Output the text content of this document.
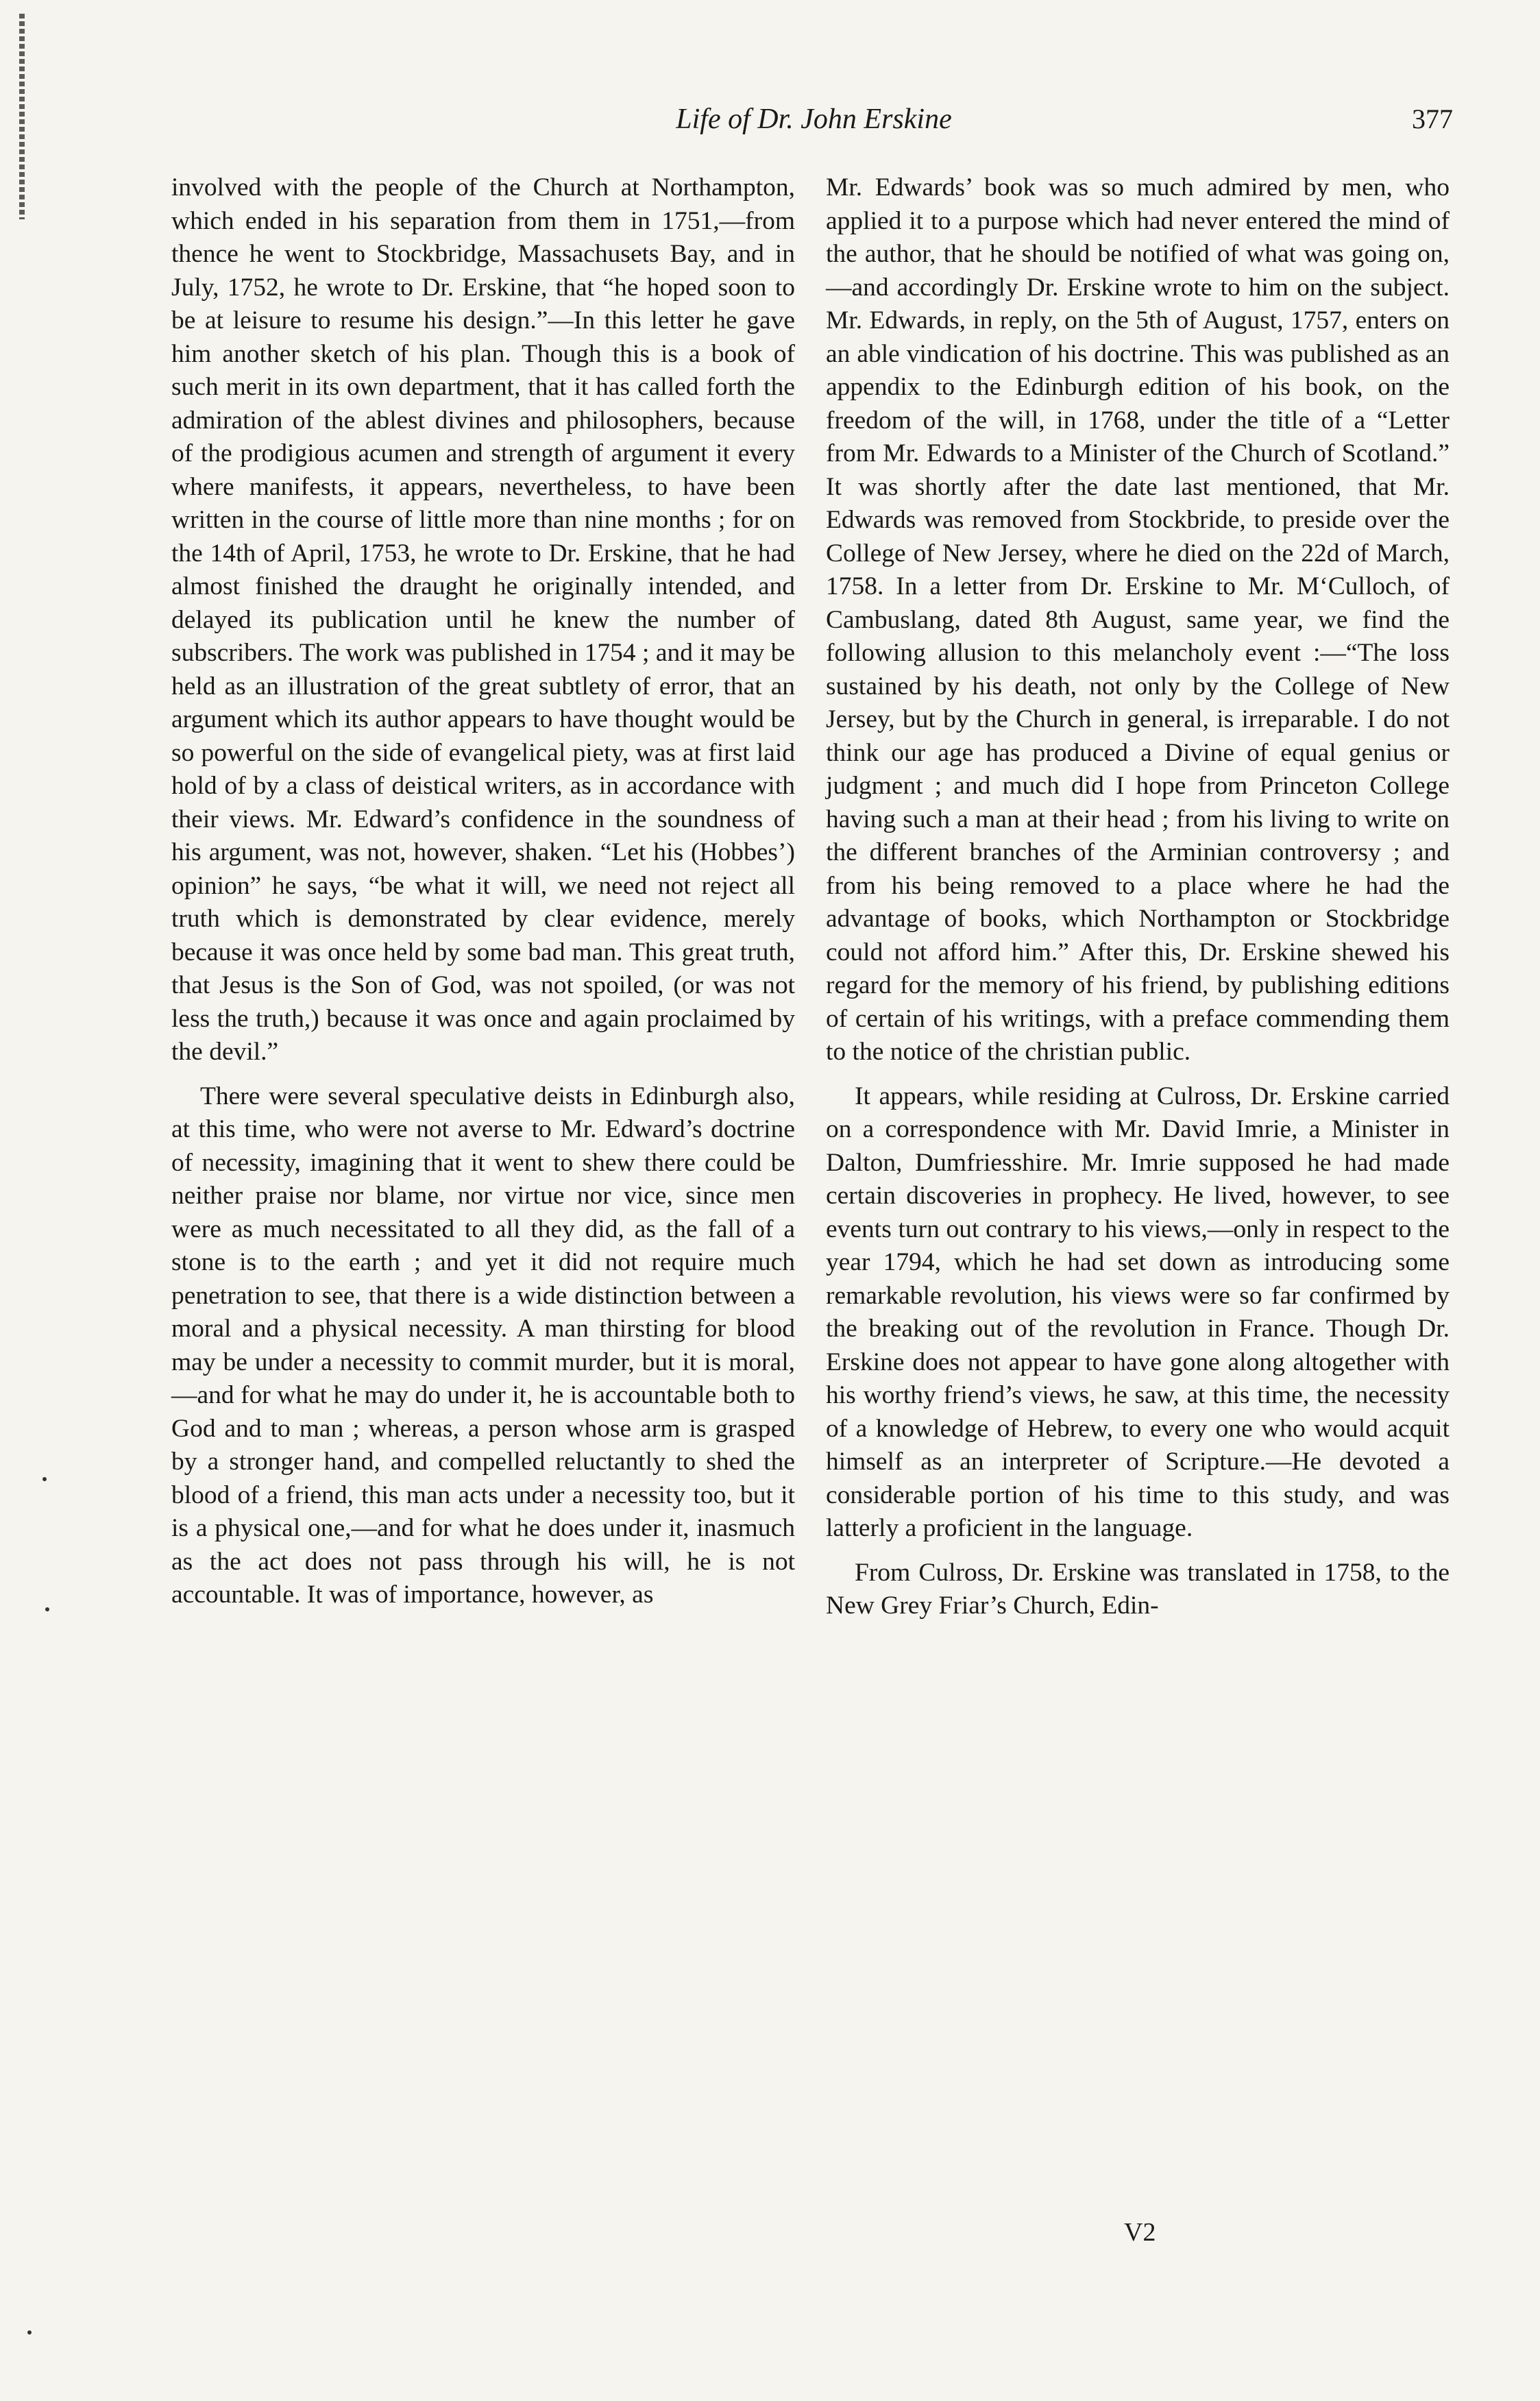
Life of Dr. John Erskine	377

involved with the people of the Church at Northampton, which ended in his separation from them in 1751,—from thence he went to Stockbridge, Massachusets Bay, and in July, 1752, he wrote to Dr. Erskine, that “he hoped soon to be at leisure to resume his design.”—In this letter he gave him another sketch of his plan. Though this is a book of such merit in its own department, that it has called forth the admiration of the ablest divines and philosophers, because of the prodigious acumen and strength of argument it every where manifests, it appears, nevertheless, to have been written in the course of little more than nine months ; for on the 14th of April, 1753, he wrote to Dr. Erskine, that he had almost finished the draught he originally intended, and delayed its publication until he knew the number of subscribers. The work was published in 1754 ; and it may be held as an illustration of the great subtlety of error, that an argument which its author appears to have thought would be so powerful on the side of evangelical piety, was at first laid hold of by a class of deistical writers, as in accordance with their views. Mr. Edward’s confidence in the soundness of his argument, was not, however, shaken. “Let his (Hobbes’) opinion” he says, “be what it will, we need not reject all truth which is demonstrated by clear evidence, merely because it was once held by some bad man. This great truth, that Jesus is the Son of God, was not spoiled, (or was not less the truth,) because it was once and again proclaimed by the devil.”

There were several speculative deists in Edinburgh also, at this time, who were not averse to Mr. Edward’s doctrine of necessity, imagining that it went to shew there could be neither praise nor blame, nor virtue nor vice, since men were as much necessitated to all they did, as the fall of a stone is to the earth ; and yet it did not require much penetration to see, that there is a wide distinction between a moral and a physical necessity. A man thirsting for blood may be under a necessity to commit murder, but it is moral,—and for what he may do under it, he is accountable both to God and to man ; whereas, a person whose arm is grasped by a stronger hand, and compelled reluctantly to shed the blood of a friend, this man acts under a necessity too, but it is a physical one,—and for what he does under it, inasmuch as the act does not pass through his will, he is not accountable. It was of importance, however, as

Mr. Edwards’ book was so much admired by men, who applied it to a purpose which had never entered the mind of the author, that he should be notified of what was going on,—and accordingly Dr. Erskine wrote to him on the subject. Mr. Edwards, in reply, on the 5th of August, 1757, enters on an able vindication of his doctrine. This was published as an appendix to the Edinburgh edition of his book, on the freedom of the will, in 1768, under the title of a “Letter from Mr. Edwards to a Minister of the Church of Scotland.” It was shortly after the date last mentioned, that Mr. Edwards was removed from Stockbride, to preside over the College of New Jersey, where he died on the 22d of March, 1758. In a letter from Dr. Erskine to Mr. M‘Culloch, of Cambuslang, dated 8th August, same year, we find the following allusion to this melancholy event :—“The loss sustained by his death, not only by the College of New Jersey, but by the Church in general, is irreparable. I do not think our age has produced a Divine of equal genius or judgment ; and much did I hope from Princeton College having such a man at their head ; from his living to write on the different branches of the Arminian controversy ; and from his being removed to a place where he had the advantage of books, which Northampton or Stockbridge could not afford him.” After this, Dr. Erskine shewed his regard for the memory of his friend, by publishing editions of certain of his writings, with a preface commending them to the notice of the christian public.

It appears, while residing at Culross, Dr. Erskine carried on a correspondence with Mr. David Imrie, a Minister in Dalton, Dumfriesshire. Mr. Imrie supposed he had made certain discoveries in prophecy. He lived, however, to see events turn out contrary to his views,—only in respect to the year 1794, which he had set down as introducing some remarkable revolution, his views were so far confirmed by the breaking out of the revolution in France. Though Dr. Erskine does not appear to have gone along altogether with his worthy friend’s views, he saw, at this time, the necessity of a knowledge of Hebrew, to every one who would acquit himself as an interpreter of Scripture.—He devoted a considerable portion of his time to this study, and was latterly a proficient in the language.

From Culross, Dr. Erskine was translated in 1758, to the New Grey Friar’s Church, Edin-

V2
